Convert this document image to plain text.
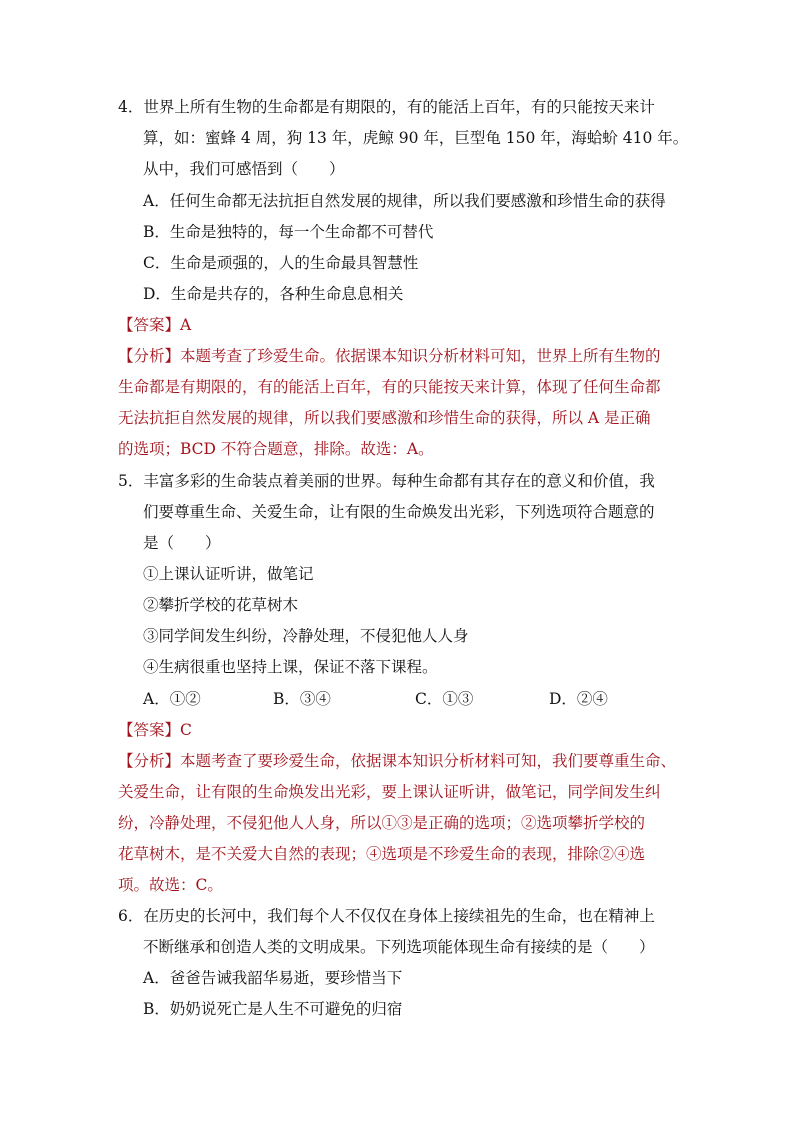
4．世界上所有生物的生命都是有期限的，有的能活上百年，有的只能按天来计

算，如：蜜蜂 4 周，狗 13 年，虎鲸 90 年，巨型龟 150 年，海蛤蚧 410 年。

从中，我们可感悟到（　　）

A．任何生命都无法抗拒自然发展的规律，所以我们要感激和珍惜生命的获得

B．生命是独特的，每一个生命都不可替代

C．生命是顽强的，人的生命最具智慧性

D．生命是共存的，各种生命息息相关

【答案】A

【分析】本题考查了珍爱生命。依据课本知识分析材料可知，世界上所有生物的

生命都是有期限的，有的能活上百年，有的只能按天来计算，体现了任何生命都

无法抗拒自然发展的规律，所以我们要感激和珍惜生命的获得，所以 A 是正确

的选项；BCD 不符合题意，排除。故选：A。

5．丰富多彩的生命装点着美丽的世界。每种生命都有其存在的意义和价值，我

们要尊重生命、关爱生命，让有限的生命焕发出光彩，下列选项符合题意的

是（　　）

①上课认证听讲，做笔记

②攀折学校的花草树木

③同学间发生纠纷，冷静处理，不侵犯他人人身

④生病很重也坚持上课，保证不落下课程。

A．①②	B．③④	C．①③	D．②④

【答案】C

【分析】本题考查了要珍爱生命，依据课本知识分析材料可知，我们要尊重生命、

关爱生命，让有限的生命焕发出光彩，要上课认证听讲，做笔记，同学间发生纠

纷，冷静处理，不侵犯他人人身，所以①③是正确的选项；②选项攀折学校的

花草树木，是不关爱大自然的表现；④选项是不珍爱生命的表现，排除②④选

项。故选：C。

6．在历史的长河中，我们每个人不仅仅在身体上接续祖先的生命，也在精神上

不断继承和创造人类的文明成果。下列选项能体现生命有接续的是（　　）

A．爸爸告诫我韶华易逝，要珍惜当下

B．奶奶说死亡是人生不可避免的归宿
